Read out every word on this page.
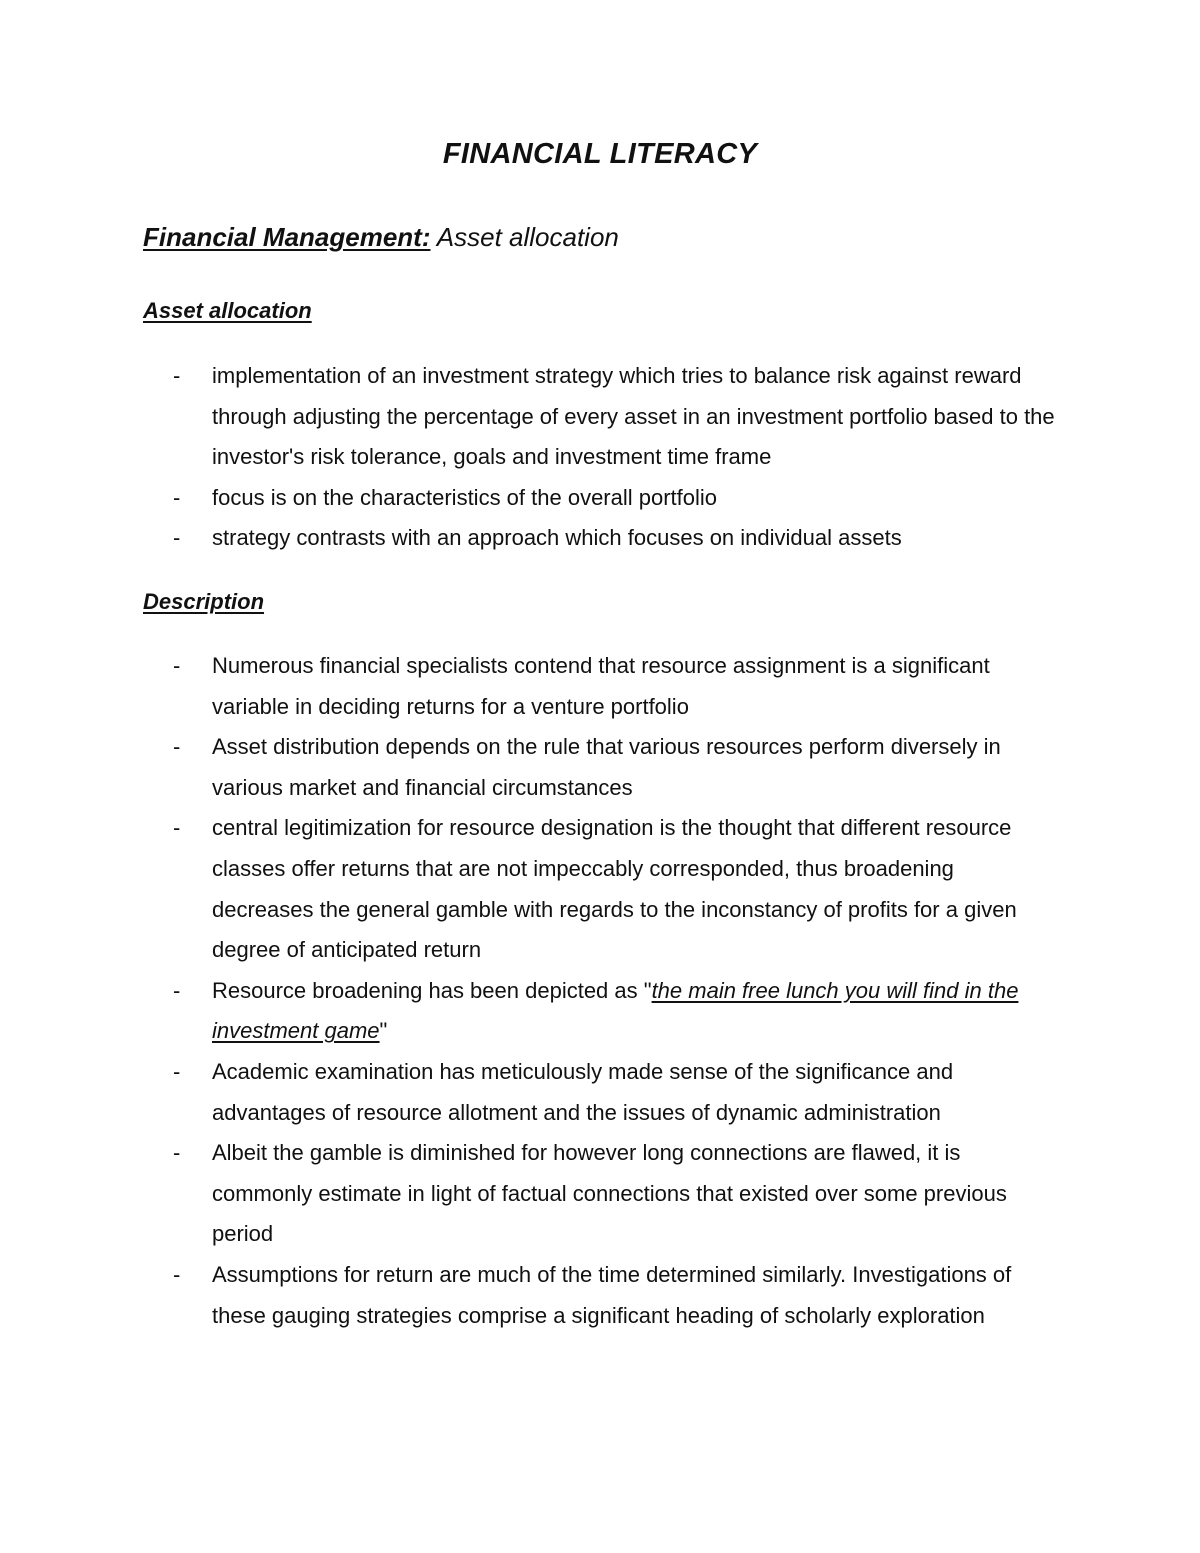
FINANCIAL LITERACY
Financial Management: Asset allocation
Asset allocation
- implementation of an investment strategy which tries to balance risk against reward through adjusting the percentage of every asset in an investment portfolio based to the investor's risk tolerance, goals and investment time frame
- focus is on the characteristics of the overall portfolio
- strategy contrasts with an approach which focuses on individual assets
Description
- Numerous financial specialists contend that resource assignment is a significant variable in deciding returns for a venture portfolio
- Asset distribution depends on the rule that various resources perform diversely in various market and financial circumstances
- central legitimization for resource designation is the thought that different resource classes offer returns that are not impeccably corresponded, thus broadening decreases the general gamble with regards to the inconstancy of profits for a given degree of anticipated return
- Resource broadening has been depicted as "the main free lunch you will find in the investment game"
- Academic examination has meticulously made sense of the significance and advantages of resource allotment and the issues of dynamic administration
- Albeit the gamble is diminished for however long connections are flawed, it is commonly estimate in light of factual connections that existed over some previous period
- Assumptions for return are much of the time determined similarly. Investigations of these gauging strategies comprise a significant heading of scholarly exploration
